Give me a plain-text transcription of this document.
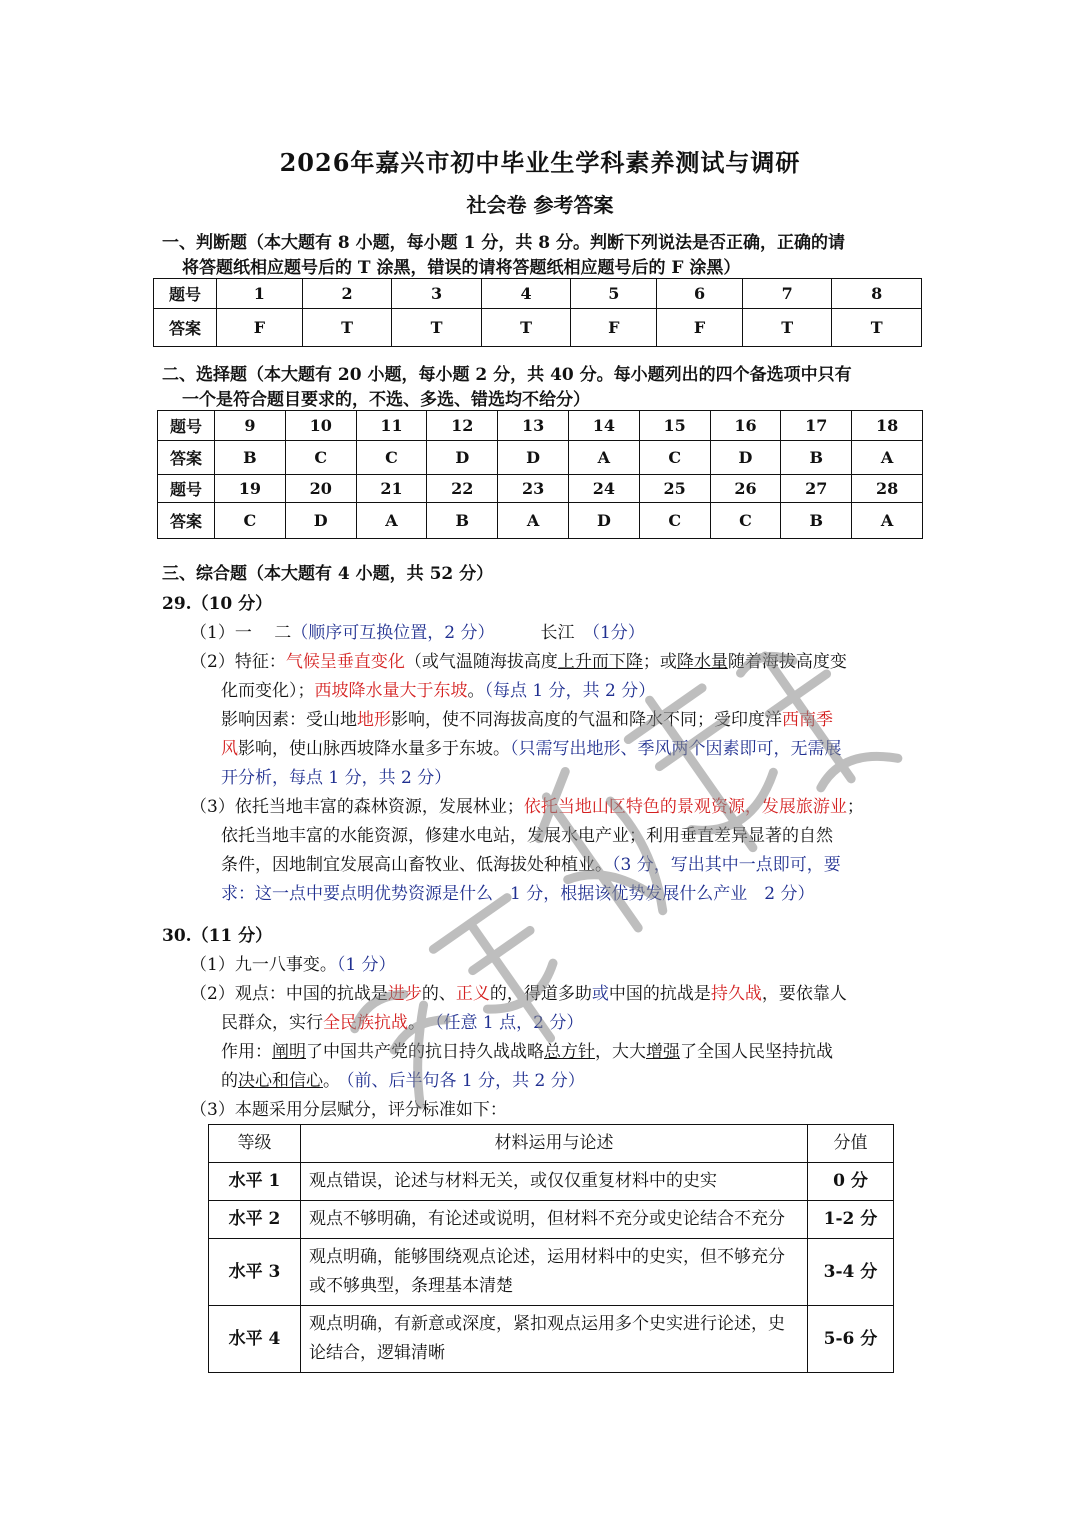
2026年嘉兴市初中毕业生学科素养测试与调研
社会卷 参考答案
一、判断题（本大题有 8 小题，每小题 1 分，共 8 分。判断下列说法是否正确，正确的请
将答题纸相应题号后的 T 涂黑，错误的请将答题纸相应题号后的 F 涂黑）
题号	1	2	3	4	5	6	7	8
答案	F	T	T	T	F	F	T	T
二、选择题（本大题有 20 小题，每小题 2 分，共 40 分。每小题列出的四个备选项中只有
一个是符合题目要求的，不选、多选、错选均不给分）
题号	9	10	11	12	13	14	15	16	17	18
答案	B	C	C	D	D	A	C	D	B	A
题号	19	20	21	22	23	24	25	26	27	28
答案	C	D	A	B	A	D	C	C	B	A
三、综合题（本大题有 4 小题，共 52 分）
29.（10 分）
（1）一　 二（顺序可互换位置，2 分）	长江　（1分）
（2）特征：气候呈垂直变化（或气温随海拔高度上升而下降；或降水量随着海拔高度变
化而变化）；西坡降水量大于东坡。（每点 1 分，共 2 分）
影响因素：受山地地形影响，使不同海拔高度的气温和降水不同；受印度洋西南季
风影响，使山脉西坡降水量多于东坡。（只需写出地形、季风两个因素即可，无需展
开分析，每点 1 分，共 2 分）
（3）依托当地丰富的森林资源，发展林业；依托当地山区特色的景观资源，发展旅游业；
依托当地丰富的水能资源，修建水电站，发展水电产业；利用垂直差异显著的自然
条件，因地制宜发展高山畜牧业、低海拔处种植业。（3 分，写出其中一点即可，要
求：这一点中要点明优势资源是什么　1 分，根据该优势发展什么产业　2 分）
30.（11 分）
（1）九一八事变。（1 分）
（2）观点：中国的抗战是进步的、正义的，得道多助或中国的抗战是持久战，要依靠人
民群众，实行全民族抗战。 （任意 1 点，2 分）
作用：阐明了中国共产党的抗日持久战战略总方针，大大增强了全国人民坚持抗战
的决心和信心。 （前、后半句各 1 分，共 2 分）
（3）本题采用分层赋分，评分标准如下：
等级	材料运用与论述	分值
水平 1	观点错误，论述与材料无关，或仅仅重复材料中的史实	0 分
水平 2	观点不够明确，有论述或说明，但材料不充分或史论结合不充分	1-2 分
水平 3	观点明确，能够围绕观点论述，运用材料中的史实，但不够充分或不够典型，条理基本清楚	3-4 分
水平 4	观点明确，有新意或深度，紧扣观点运用多个史实进行论述，史论结合，逻辑清晰	5-6 分
